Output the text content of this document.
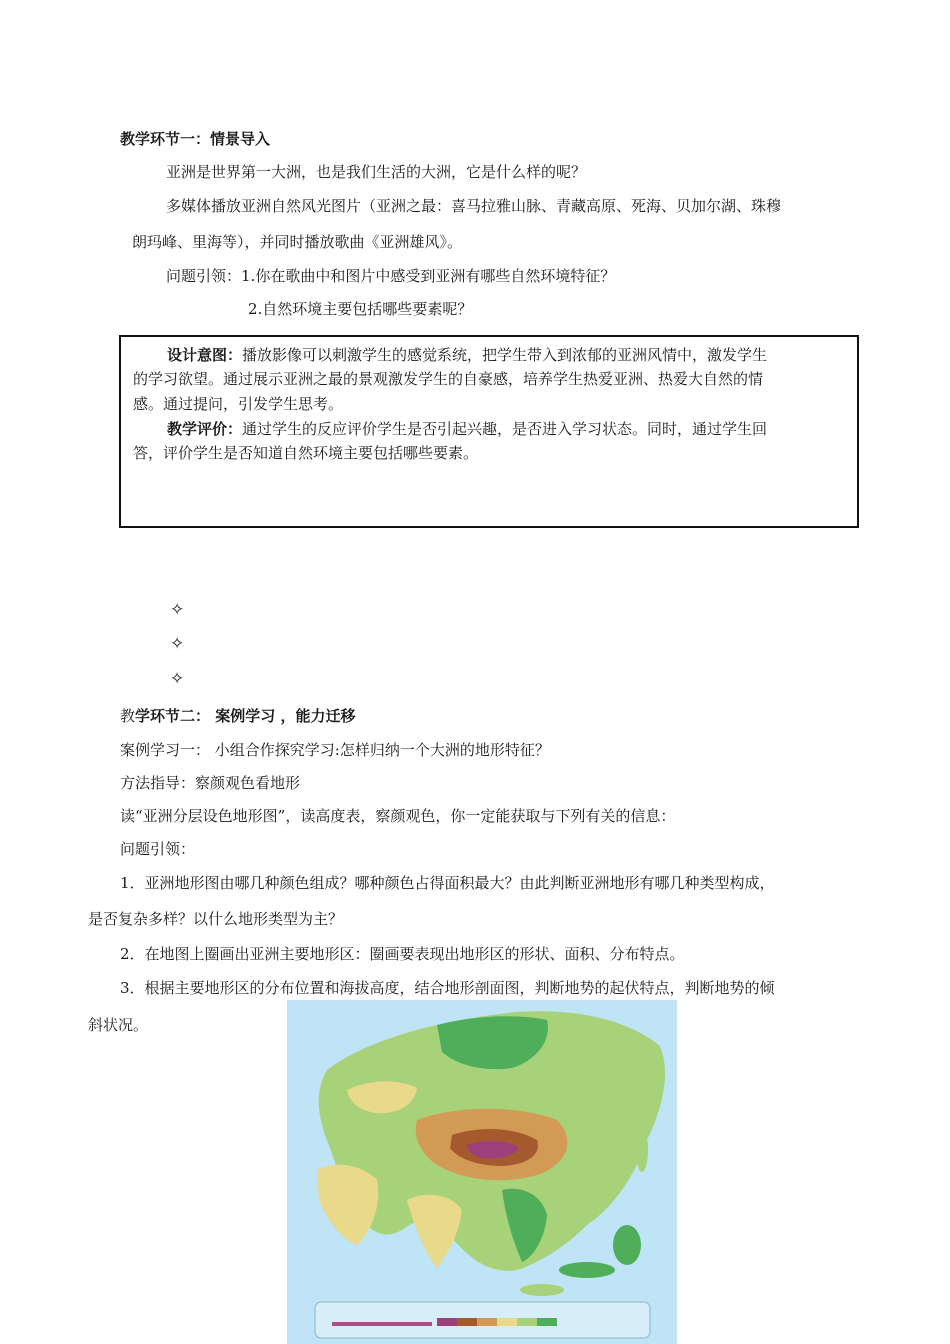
教学环节一：情景导入
亚洲是世界第一大洲，也是我们生活的大洲，它是什么样的呢？
多媒体播放亚洲自然风光图片（亚洲之最：喜马拉雅山脉、青藏高原、死海、贝加尔湖、珠穆
朗玛峰、里海等），并同时播放歌曲《亚洲雄风》。
问题引领：1.你在歌曲中和图片中感受到亚洲有哪些自然环境特征？
2.自然环境主要包括哪些要素呢？
设计意图：播放影像可以刺激学生的感觉系统，把学生带入到浓郁的亚洲风情中，激发学生
的学习欲望。通过展示亚洲之最的景观激发学生的自豪感，培养学生热爱亚洲、热爱大自然的情
感。通过提问，引发学生思考。
教学评价：通过学生的反应评价学生是否引起兴趣，是否进入学习状态。同时，通过学生回
答，评价学生是否知道自然环境主要包括哪些要素。
✧
✧
✧
教学环节二： 案例学习 ，能力迁移
案例学习一： 小组合作探究学习:怎样归纳一个大洲的地形特征？
方法指导：察颜观色看地形
读“亚洲分层设色地形图”，读高度表，察颜观色，你一定能获取与下列有关的信息：
问题引领：
1．亚洲地形图由哪几种颜色组成？哪种颜色占得面积最大？由此判断亚洲地形有哪几种类型构成，
是否复杂多样？以什么地形类型为主？
2．在地图上圈画出亚洲主要地形区：圈画要表现出地形区的形状、面积、分布特点。
3．根据主要地形区的分布位置和海拔高度，结合地形剖面图，判断地势的起伏特点，判断地势的倾
斜状况。
